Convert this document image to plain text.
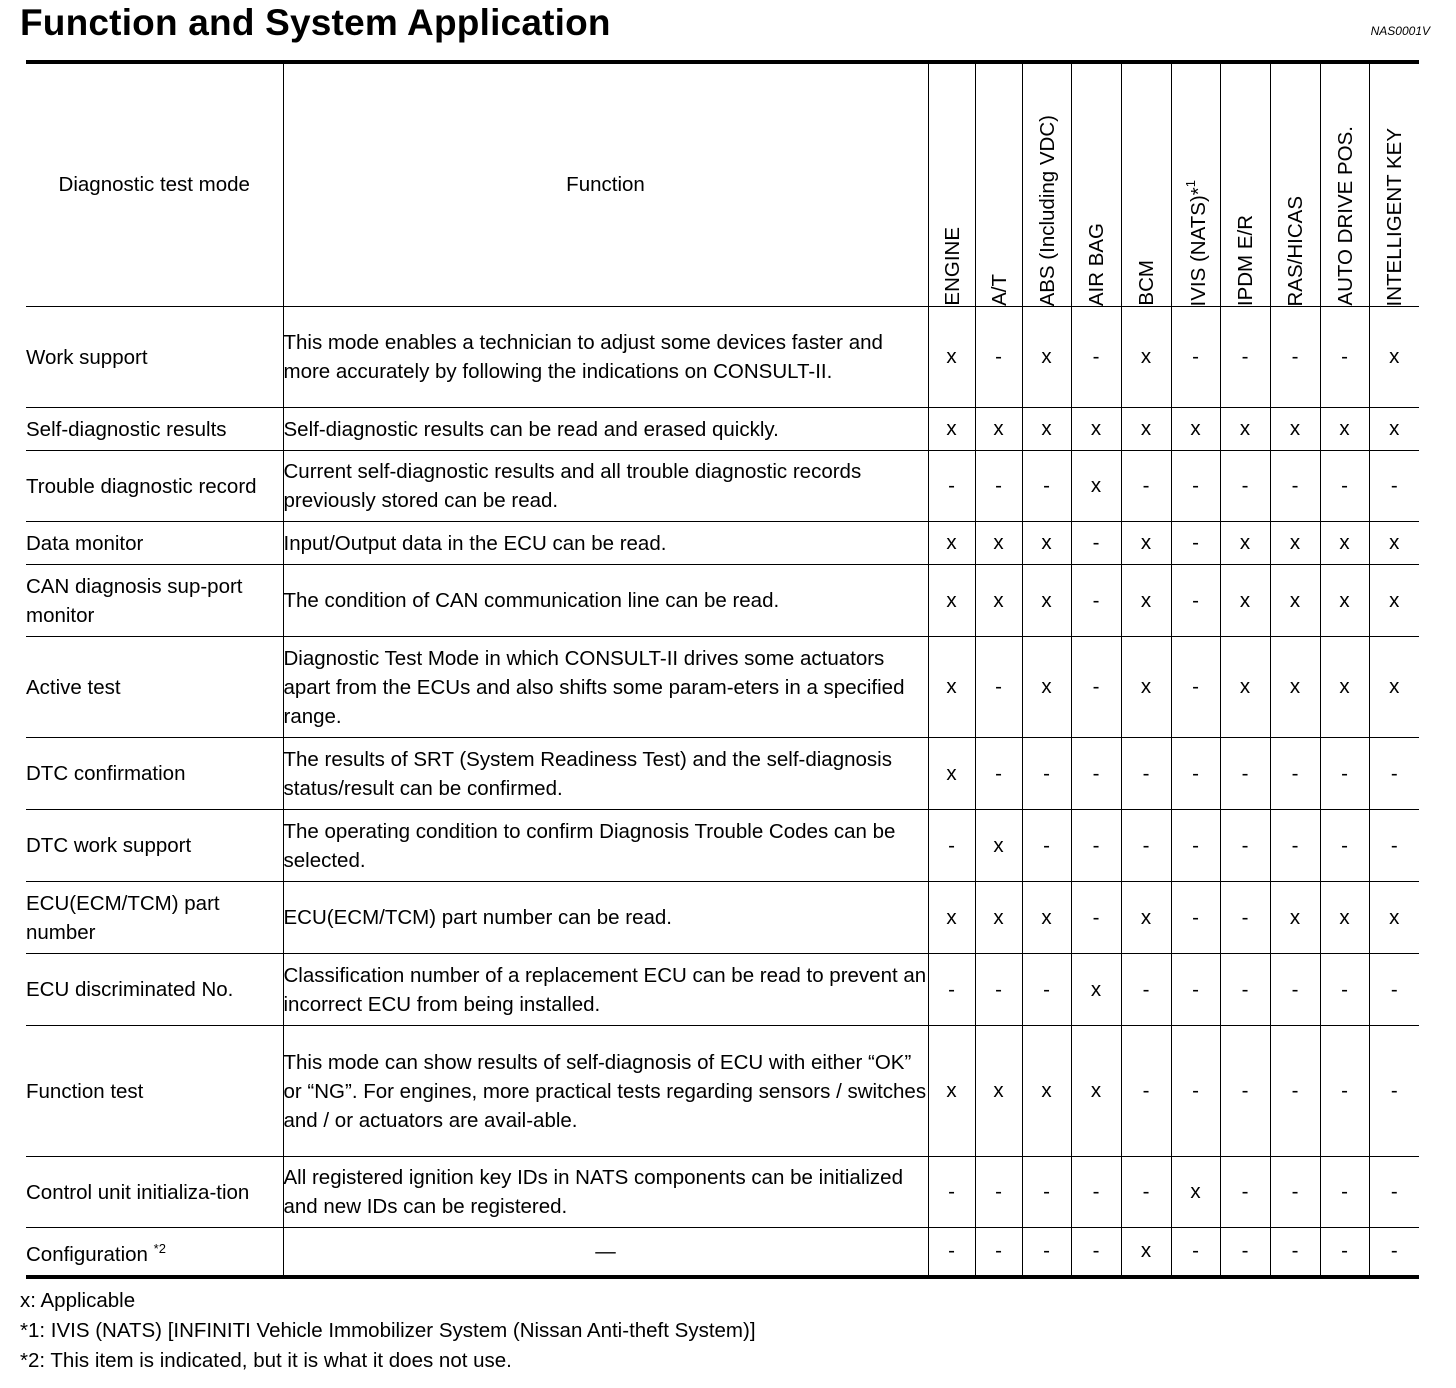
Function and System Application	NAS0001V
Diagnostic test mode	Function	ENGINE	A/T	ABS (Including VDC)	AIR BAG	BCM	IVIS (NATS)*$^1$	IPDM E/R	RAS/HICAS	AUTO DRIVE POS.	INTELLIGENT KEY

Work support	This mode enables a technician to adjust some devices faster and more accurately by following the indications on CONSULT-II.	x	-	x	-	x	-	-	-	-	x
Self-diagnostic results	Self-diagnostic results can be read and erased quickly.	x	x	x	x	x	x	x	x	x	x
Trouble diagnostic record	Current self-diagnostic results and all trouble diagnostic records previously stored can be read.	-	-	-	x	-	-	-	-	-	-
Data monitor	Input/Output data in the ECU can be read.	x	x	x	-	x	-	x	x	x	x
CAN diagnosis sup-port monitor	The condition of CAN communication line can be read.	x	x	x	-	x	-	x	x	x	x
Active test	Diagnostic Test Mode in which CONSULT-II drives some actuators apart from the ECUs and also shifts some param-eters in a specified range.	x	-	x	-	x	-	x	x	x	x
DTC confirmation	The results of SRT (System Readiness Test) and the self-diagnosis status/result can be confirmed.	x	-	-	-	-	-	-	-	-	-
DTC work support	The operating condition to confirm Diagnosis Trouble Codes can be selected.	-	x	-	-	-	-	-	-	-	-
ECU(ECM/TCM) part number	ECU(ECM/TCM) part number can be read.	x	x	x	-	x	-	-	x	x	x
ECU discriminated No.	Classification number of a replacement ECU can be read to prevent an incorrect ECU from being installed.	-	-	-	x	-	-	-	-	-	-
Function test	This mode can show results of self-diagnosis of ECU with either “OK” or “NG”. For engines, more practical tests regarding sensors / switches and / or actuators are avail-able.	x	x	x	x	-	-	-	-	-	-
Control unit initializa-tion	All registered ignition key IDs in NATS components can be initialized and new IDs can be registered.	-	-	-	-	-	x	-	-	-	-
Configuration $^{*2}$	—	-	-	-	-	x	-	-	-	-	-
x: Applicable
*1: IVIS (NATS) [INFINITI Vehicle Immobilizer System (Nissan Anti-theft System)]
*2: This item is indicated, but it is what it does not use.
